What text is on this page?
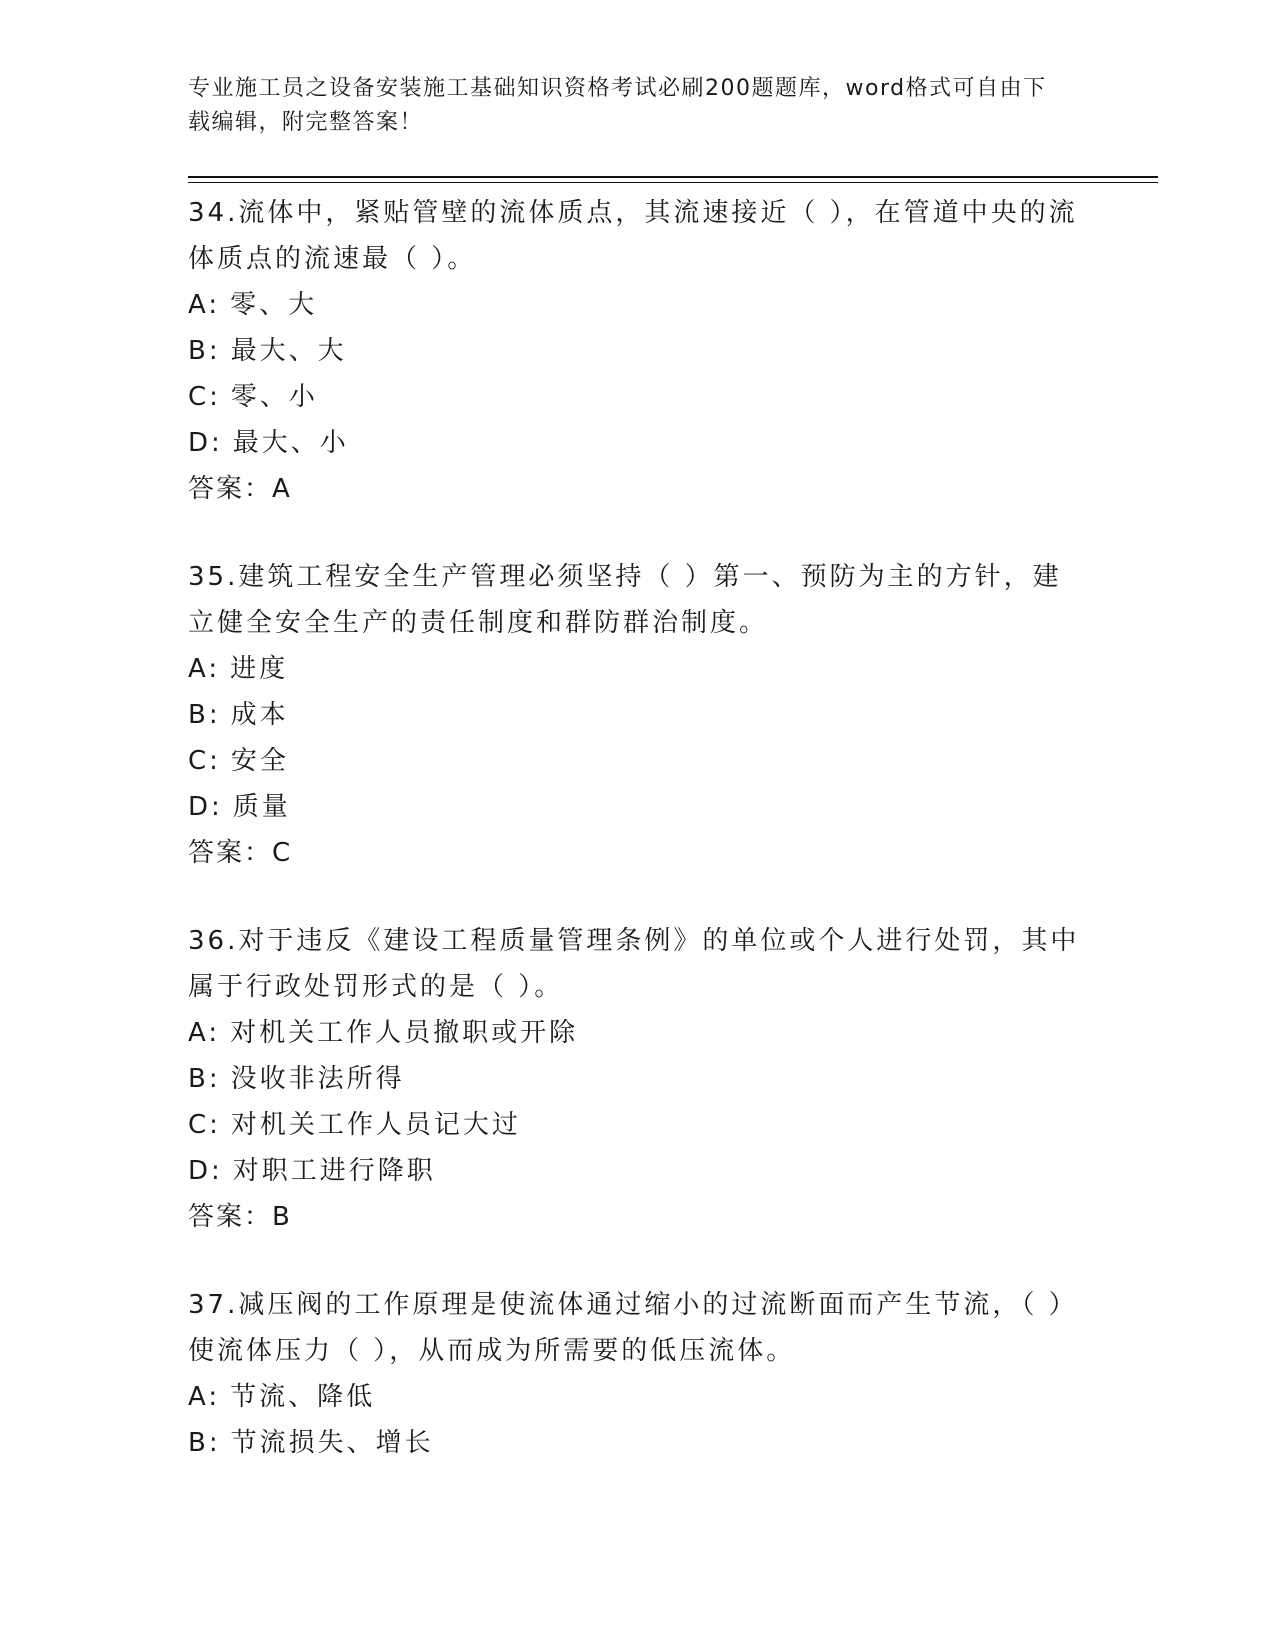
专业施工员之设备安装施工基础知识资格考试必刷200题题库，word格式可自由下载编辑，附完整答案！
34.流体中，紧贴管壁的流体质点，其流速接近（ ），在管道中央的流体质点的流速最（ ）。
A: 零、大
B: 最大、大
C: 零、小
D: 最大、小
答案：A
35.建筑工程安全生产管理必须坚持（ ）第一、预防为主的方针，建立健全安全生产的责任制度和群防群治制度。
A: 进度
B: 成本
C: 安全
D: 质量
答案：C
36.对于违反《建设工程质量管理条例》的单位或个人进行处罚，其中属于行政处罚形式的是（ ）。
A: 对机关工作人员撤职或开除
B: 没收非法所得
C: 对机关工作人员记大过
D: 对职工进行降职
答案：B
37.减压阀的工作原理是使流体通过缩小的过流断面而产生节流，（ ）使流体压力（ ），从而成为所需要的低压流体。
A: 节流、降低
B: 节流损失、增长
